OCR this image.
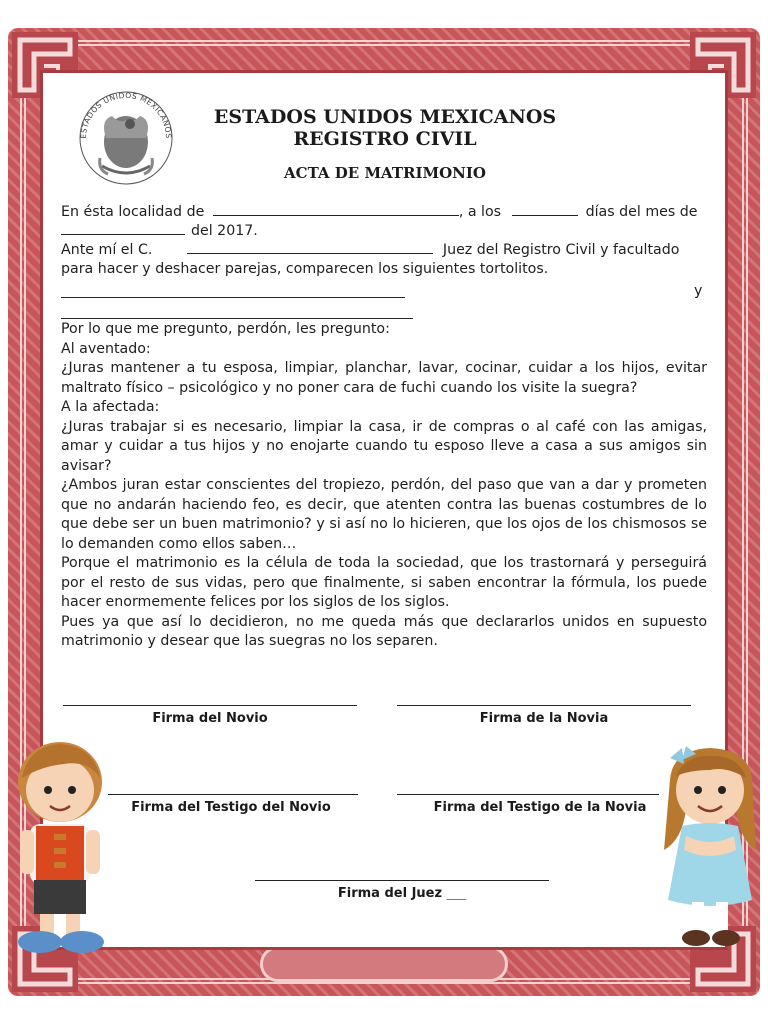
ESTADOS UNIDOS MEXICANOS
ESTADOS UNIDOS MEXICANOS
REGISTRO CIVIL
ACTA DE MATRIMONIO
En ésta localidad de	, a los	días del mes de
del 2017.
Ante mí el C.	Juez del Registro Civil y facultado
para hacer y deshacer parejas, comparecen los siguientes tortolitos.
y

Por lo que me pregunto, perdón, les pregunto:

Al aventado:

¿Juras mantener a tu esposa, limpiar, planchar, lavar, cocinar, cuidar a los hijos, evitar maltrato físico – psicológico y no poner cara de fuchi cuando los visite la suegra?

A la afectada:

¿Juras trabajar si es necesario, limpiar la casa, ir de compras o al café con las amigas, amar y cuidar a tus hijos y no enojarte cuando tu esposo lleve a casa a sus amigos sin avisar?

¿Ambos juran estar conscientes del tropiezo, perdón, del paso que van a dar y prometen que no andarán haciendo feo, es decir, que atenten contra las buenas costumbres de lo que debe ser un buen matrimonio? y si así no lo hicieren, que los ojos de los chismosos se lo demanden como ellos saben…

Porque el matrimonio es la célula de toda la sociedad, que los trastornará y perseguirá por el resto de sus vidas, pero que finalmente, si saben encontrar la fórmula, los puede hacer enormemente felices por los siglos de los siglos.

Pues ya que así lo decidieron, no me queda más que declararlos unidos en supuesto matrimonio y desear que las suegras no los separen.

Firma del Novio	Firma de la Novia
Firma del Testigo del Novio	Firma del Testigo de la Novia
Firma del Juez ___
